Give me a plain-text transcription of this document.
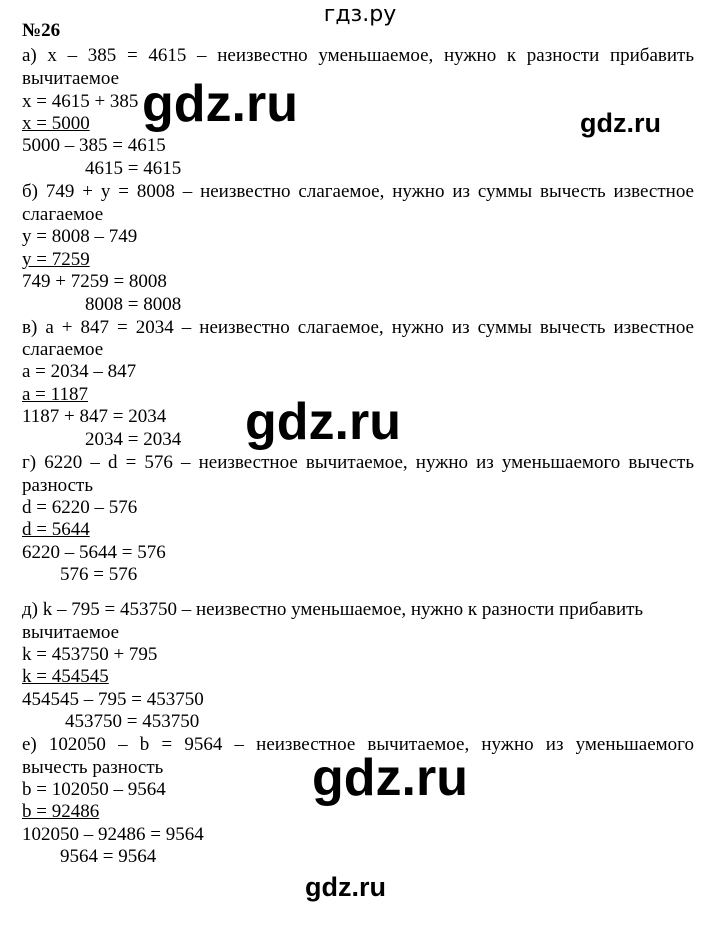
гдз.ру
№26
а) х – 385 = 4615 – неизвестно уменьшаемое, нужно к разности прибавить
вычитаемое
х = 4615 + 385
х = 5000
5000 – 385 = 4615
4615 = 4615
б) 749 + у = 8008 – неизвестно слагаемое, нужно из суммы вычесть известное
слагаемое
у = 8008 – 749
у = 7259
749 + 7259 = 8008
8008 = 8008
в) а + 847 = 2034 – неизвестно слагаемое, нужно из суммы вычесть известное
слагаемое
а = 2034 – 847
а = 1187
1187 + 847 = 2034
2034 = 2034
г) 6220 – d = 576 – неизвестное вычитаемое, нужно из уменьшаемого вычесть
разность
d = 6220 – 576
d = 5644
6220 – 5644 = 576
576 = 576
д) k – 795 = 453750 – неизвестно уменьшаемое, нужно к разности прибавить
вычитаемое
k = 453750 + 795
k = 454545
454545 – 795 = 453750
453750 = 453750
е) 102050 – b = 9564 – неизвестное вычитаемое, нужно из уменьшаемого
вычесть разность
b = 102050 – 9564
b = 92486
102050 – 92486 = 9564
9564 = 9564
gdz.ru	gdz.ru
gdz.ru
gdz.ru
gdz.ru
